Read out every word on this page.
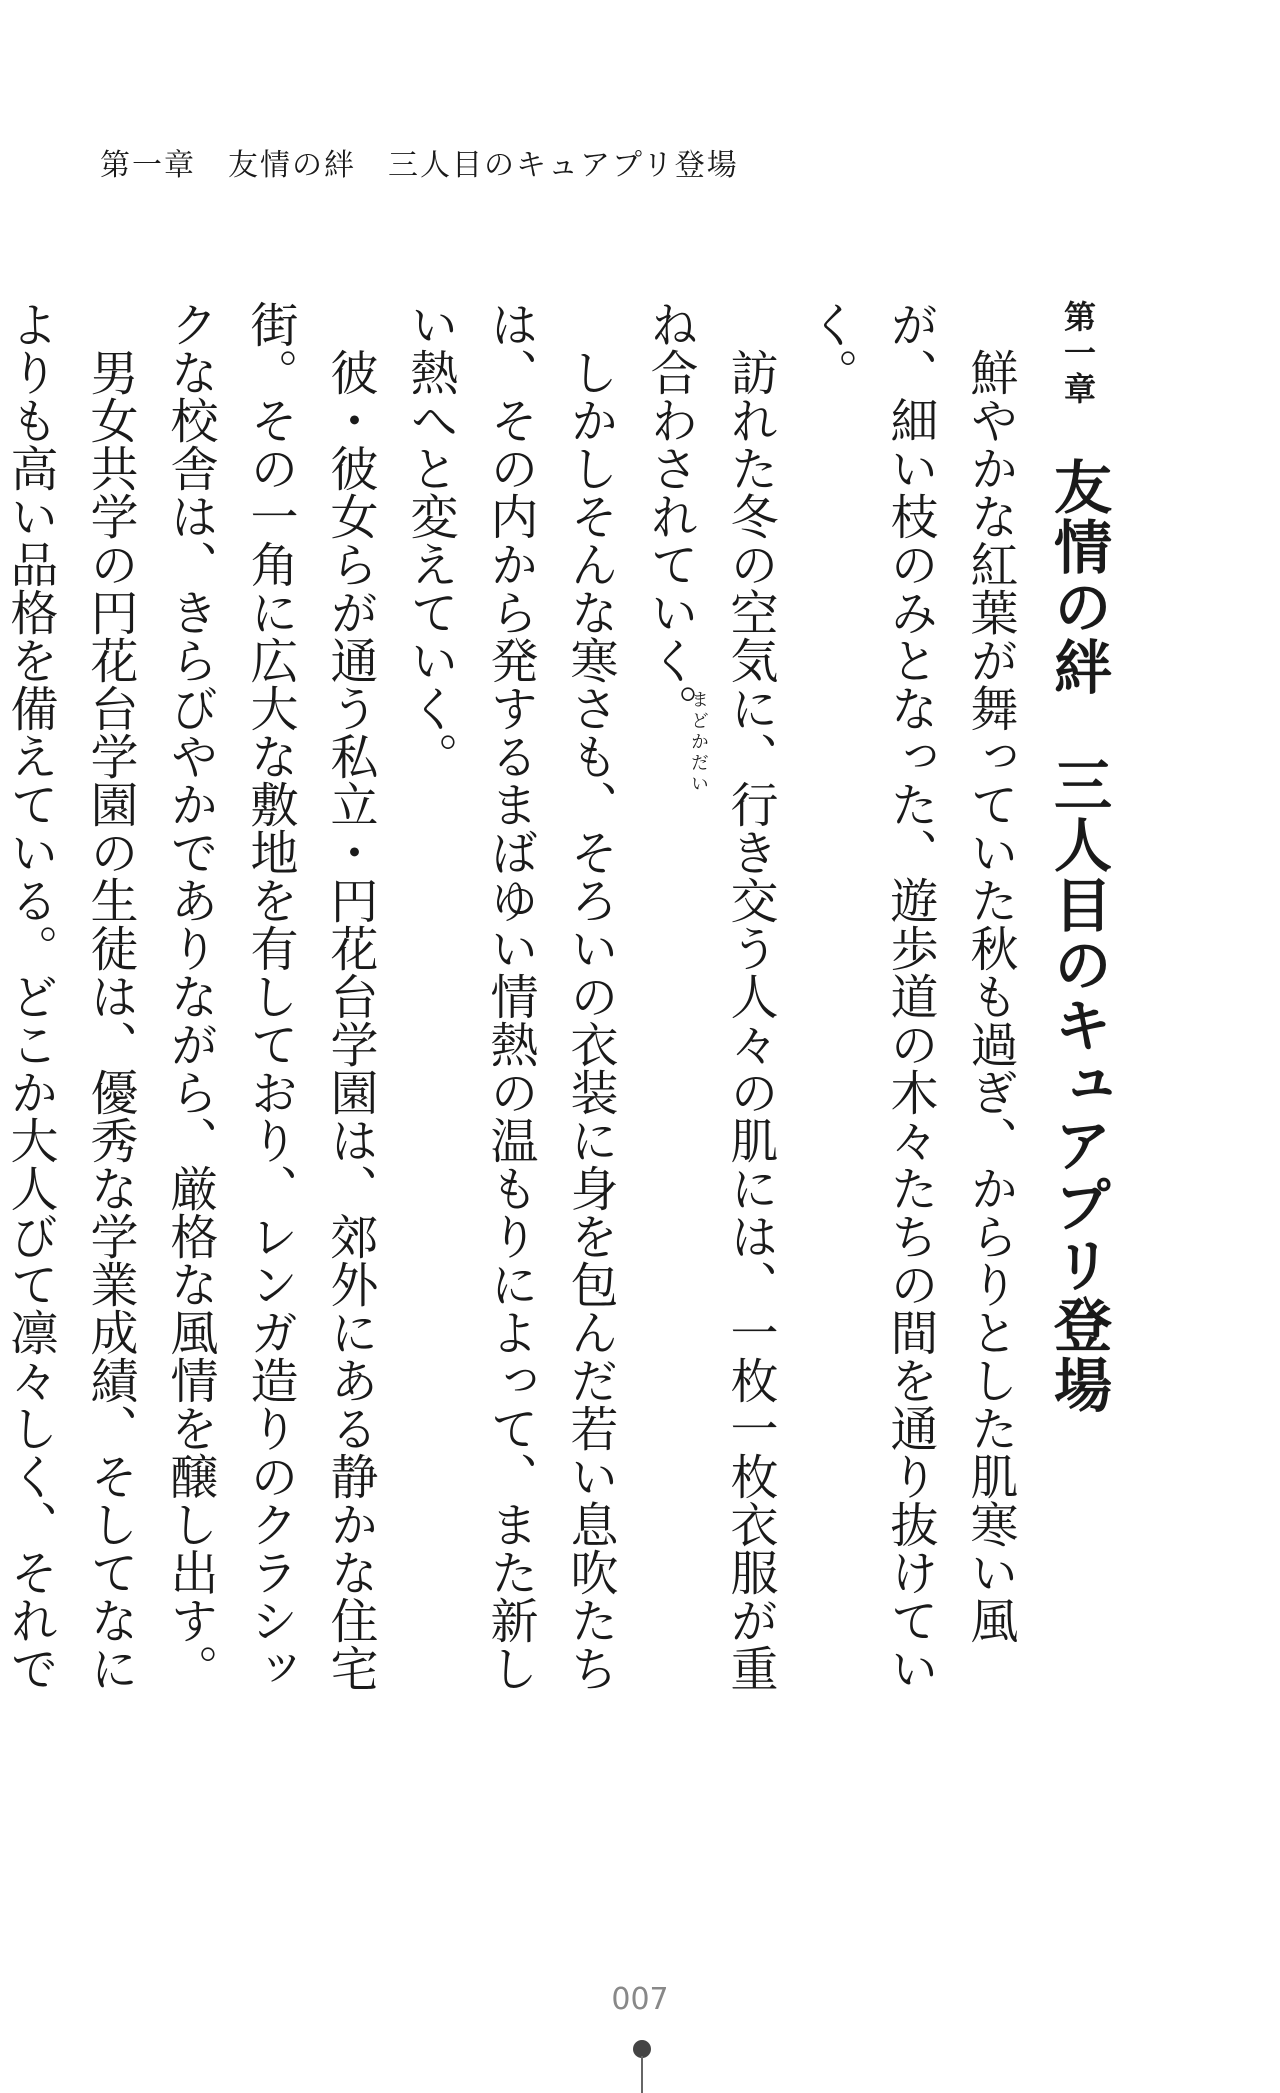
第一章　友情の絆　三人目のキュアプリ登場
第一章 友情の絆三人目のキュアプリ登場
まどかだい	　鮮やかな紅葉が舞っていた秋も過ぎ、からりとした肌寒い風が、細い枝のみとなった、遊歩道の木々たちの間を通り抜けていく。

　訪れた冬の空気に、行き交う人々の肌には、一枚一枚衣服が重ね合わされていく。

　しかしそんな寒さも、そろいの衣装に身を包んだ若い息吹たちは、その内から発するまばゆい情熱の温もりによって、また新しい熱へと変えていく。

　彼・彼女らが通う私立・円花台学園は、郊外にある静かな住宅街。その一角に広大な敷地を有しており、レンガ造りのクラシックな校舎は、きらびやかでありながら、厳格な風情を醸し出す。

　男女共学の円花台学園の生徒は、優秀な学業成績、そしてなによりも高い品格を備えている。どこか大人びて凛々しく、それで

007
